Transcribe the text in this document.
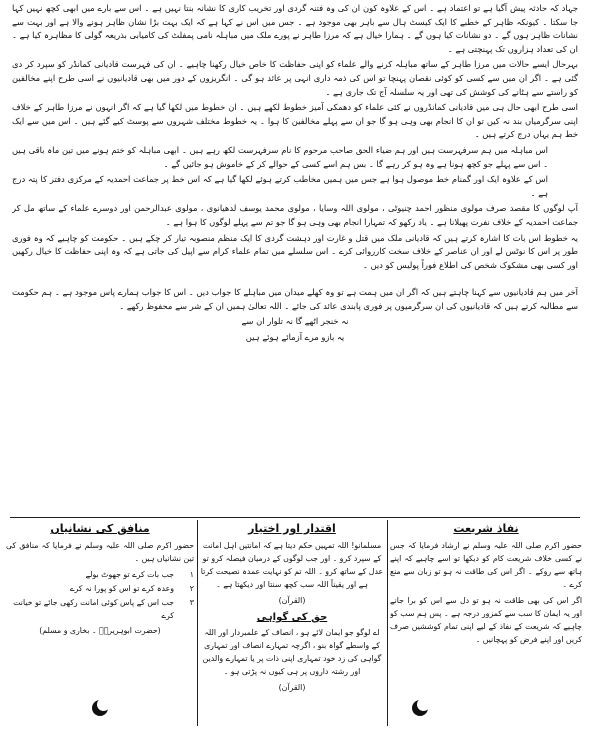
جہاد کہ حادثہ پیش آگیا ہے تو اعتماد ہے ۔ اس کے علاوہ کون ان کی وہ فتنہ گردی اور تخریب کاری کا نشانہ بنتا نہیں ہے ۔ اس سے بارے میں ابھی کچھ نہیں کہا جا سکتا ۔ کیونکہ ظاہر کے خطبے کا ایک کیسٹ ہال سے باہر بھی موجود ہے ۔ جس میں اس نے کہا ہے کہ ایک بہت بڑا نشان ظاہر ہونے والا ہے اور بہت سے نشانات ظاہر ہوں گے ۔ دو نشانات کیا ہوں گے ۔ ہمارا خیال ہے کہ مرزا طاہر نے پورے ملک میں مباہلہ نامی پمفلٹ کی کامیابی بذریعہ گولی کا مظاہرہ کیا ہے ۔ ان کی تعداد ہزاروں تک پہنچتی ہے ۔

بہرحال ایسے حالات میں مرزا طاہر کے ساتھ مباہلہ کرنے والے علماء کو اپنی حفاظت کا خاص خیال رکھنا چاہیے ۔ ان کی فہرست قادیانی کمانڈر کو سپرد کر دی گئی ہے ۔ اگر ان میں سے کسی کو کوئی نقصان پہنچا تو اس کی ذمہ داری انہی پر عائد ہو گی ۔ انگریزوں کے دور میں بھی قادیانیوں نے اسی طرح اپنے مخالفین کو راستے سے ہٹانے کی کوشش کی تھی اور یہ سلسلہ آج تک جاری ہے ۔

اسی طرح ابھی حال ہی میں قادیانی کمانڈروں نے کئی علماء کو دھمکی آمیز خطوط لکھے ہیں ۔ ان خطوط میں لکھا گیا ہے کہ اگر انہوں نے مرزا طاہر کے خلاف اپنی سرگرمیاں بند نہ کیں تو ان کا انجام بھی وہی ہو گا جو ان سے پہلے مخالفین کا ہوا ۔ یہ خطوط مختلف شہروں سے پوسٹ کیے گئے ہیں ۔ اس میں سے ایک خط ہم یہاں درج کرتے ہیں ۔

اس مباہلہ میں ہم سرفہرست ہیں اور ہم ضیاء الحق صاحب مرحوم کا نام سرفہرست لکھ رہے ہیں ۔ ابھی مباہلہ کو ختم ہونے میں تین ماہ باقی ہیں ۔ اس سے پہلے جو کچھ ہونا ہے وہ ہو کر رہے گا ۔ بس ہم اسے کسی کے حوالے کر کے خاموش ہو جائیں گے ۔

اس کے علاوہ ایک اور گمنام خط موصول ہوا ہے جس میں ہمیں مخاطب کرتے ہوئے لکھا گیا ہے کہ اس خط پر جماعت احمدیہ کے مرکزی دفتر کا پتہ درج ہے ۔

آپ لوگوں کا مقصد صرف مولوی منظور احمد چنیوٹی ، مولوی اللہ وسایا ، مولوی محمد یوسف لدھیانوی ، مولوی عبدالرحمن اور دوسرے علماء کے ساتھ مل کر جماعت احمدیہ کے خلاف نفرت پھیلانا ہے ۔ یاد رکھو کہ تمہارا انجام بھی وہی ہو گا جو تم سے پہلے لوگوں کا ہوا ہے ۔

یہ خطوط اس بات کا اشارہ کرتے ہیں کہ قادیانی ملک میں قتل و غارت اور دہشت گردی کا ایک منظم منصوبہ تیار کر چکے ہیں ۔ حکومت کو چاہیے کہ وہ فوری طور پر اس کا نوٹس لے اور ان عناصر کے خلاف سخت کارروائی کرے ۔ اس سلسلے میں تمام علماء کرام سے اپیل کی جاتی ہے کہ وہ اپنی حفاظت کا خیال رکھیں اور کسی بھی مشکوک شخص کی اطلاع فوراً پولیس کو دیں ۔

آخر میں ہم قادیانیوں سے کہنا چاہتے ہیں کہ اگر ان میں ہمت ہے تو وہ کھلے میدان میں مباہلے کا جواب دیں ۔ اس کا جواب ہمارے پاس موجود ہے ۔ ہم حکومت سے مطالبہ کرتے ہیں کہ قادیانیوں کی ان سرگرمیوں پر فوری پابندی عائد کی جائے ۔ اللہ تعالیٰ ہمیں ان کے شر سے محفوظ رکھے ۔

نہ خنجر اٹھے گا نہ تلوار ان سے

یہ بازو مرے آزمائے ہوئے ہیں

نفاذ شریعت

حضور اکرم صلی اللہ علیہ وسلم نے ارشاد فرمایا کہ جس نے کسی خلاف شریعت کام کو دیکھا تو اسے چاہیے کہ اپنے ہاتھ سے روکے ۔ اگر اس کی طاقت نہ ہو تو زبان سے منع کرے ۔

اگر اس کی بھی طاقت نہ ہو تو دل سے اس کو برا جانے اور یہ ایمان کا سب سے کمزور درجہ ہے ۔ پس ہم سب کو چاہیے کہ شریعت کے نفاذ کے لیے اپنی تمام کوششیں صرف کریں اور اپنے فرض کو پہچانیں ۔

اقتدار اور اختیار

مسلمانو! اللہ تمہیں حکم دیتا ہے کہ امانتیں اہل امانت کے سپرد کرو ۔ اور جب لوگوں کے درمیان فیصلہ کرو تو عدل کے ساتھ کرو ۔ اللہ تم کو نہایت عمدہ نصیحت کرتا ہے اور یقیناً اللہ سب کچھ سنتا اور دیکھتا ہے ۔

(القرآن)
حق کی گواہی

اے لوگو جو ایمان لائے ہو ، انصاف کے علمبردار اور اللہ کے واسطے گواہ بنو ، اگرچہ تمہارے انصاف اور تمہاری گواہی کی زد خود تمہاری اپنی ذات پر یا تمہارے والدین اور رشتہ داروں پر ہی کیوں نہ پڑتی ہو ۔

(القرآن)
منافق کی نشانیاں

حضور اکرم صلی اللہ علیہ وسلم نے فرمایا کہ منافق کی تین نشانیاں ہیں ۔

۱
جب بات کرے تو جھوٹ بولے
۲
وعدہ کرے تو اس کو پورا نہ کرے
۳
جب اس کے پاس کوئی امانت رکھی جائے تو خیانت کرے
(حضرت ابوہریرہؓ ۔ بخاری و مسلم)
